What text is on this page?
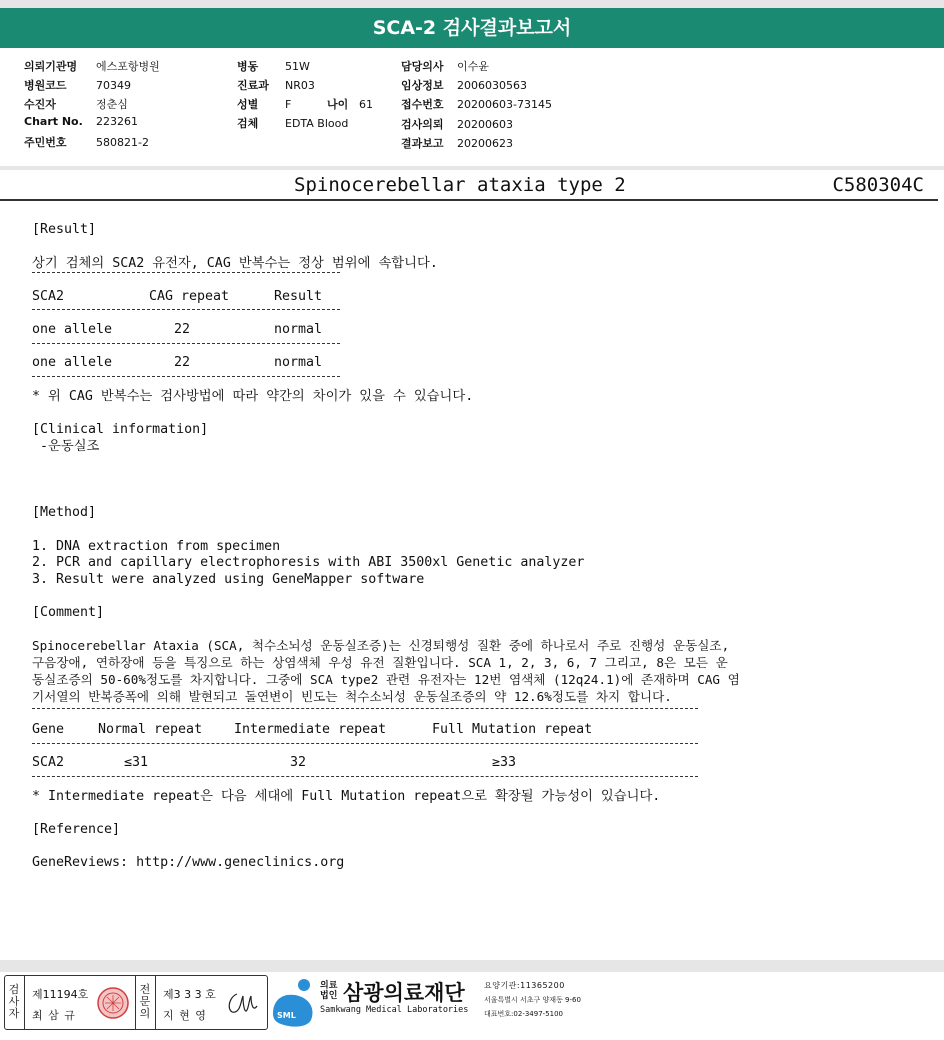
SCA-2 검사결과보고서
의뢰기관명 에스포항병원
병원코드	70349
수진자	정춘심
Chart No. 223261
주민번호	580821-2
병동 51W
진료과 NR03
성별 F	나이 61
검체 EDTA Blood
담당의사 이수윤
임상정보 2006030563
접수번호 20200603-73145
검사의뢰 20200603
결과보고 20200623
Spinocerebellar ataxia type 2	C580304C
[Result]
상기 검체의 SCA2 유전자, CAG 반복수는 정상 범위에 속합니다.
SCA2	CAG repeat	Result
one allele	22	normal
one allele	22	normal
* 위 CAG 반복수는 검사방법에 따라 약간의 차이가 있을 수 있습니다.
[Clinical information]
-운동실조
[Method]
1. DNA extraction from specimen
2. PCR and capillary electrophoresis with ABI 3500xl Genetic analyzer
3. Result were analyzed using GeneMapper software
[Comment]
Spinocerebellar Ataxia (SCA, 척수소뇌성 운동실조증)는 신경퇴행성 질환 중에 하나로서 주로 진행성 운동실조,
구음장애, 연하장애 등을 특징으로 하는 상염색체 우성 유전 질환입니다. SCA 1, 2, 3, 6, 7 그리고, 8은 모든 운
동실조증의 50-60%정도를 차지합니다. 그중에 SCA type2 관련 유전자는 12번 염색체 (12q24.1)에 존재하며 CAG 염
기서열의 반복증폭에 의해 발현되고 돌연변이 빈도는 척수소뇌성 운동실조증의 약 12.6%정도를 차지 합니다.
Gene	Normal repeat Intermediate repeat	Full Mutation repeat
SCA2	≤31	32	≥33
* Intermediate repeat은 다음 세대에 Full Mutation repeat으로 확장될 가능성이 있습니다.
[Reference]
GeneReviews: http://www.geneclinics.org
검
사
자
제11194호
최 삼 규
전
문
의
제3 3 3 호
지 현 영	SML
의료
법인 삼광의료재단
Samkwang Medical Laboratories
요양기관:11365200
서울특별시 서초구 양재동 9-60
대표번호:02-3497-5100
